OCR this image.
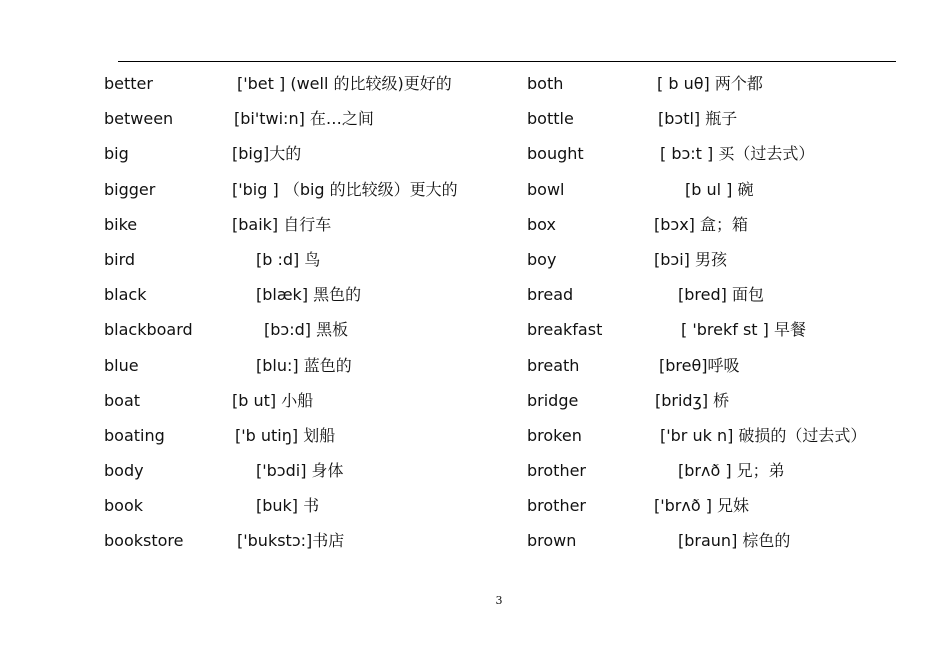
better	['bet ] (well 的比较级)更好的
between	[bi'twi:n] 在…之间
big	[big]大的
bigger	['big ] （big 的比较级）更大的
bike	[baik] 自行车
bird	[b :d] 鸟
black	[blæk] 黑色的
blackboard	[bɔ:d] 黑板
blue	[blu:] 蓝色的
boat	[b ut] 小船
boating	['b utiŋ] 划船
body	['bɔdi] 身体
book	[buk] 书
bookstore	['bukstɔ:]书店
both	[ b uθ] 两个都
bottle	[bɔtl] 瓶子
bought	[ bɔ:t ] 买（过去式）
bowl	[b ul ] 碗
box	[bɔx] 盒；箱
boy	[bɔi] 男孩
bread	[bred] 面包
breakfast	[ 'brekf st ] 早餐
breath	[breθ]呼吸
bridge	[bridʒ] 桥
broken	['br uk n] 破损的（过去式）
brother	[brʌð ] 兄；弟
brother	['brʌð ] 兄妹
brown	[braun] 棕色的
3
